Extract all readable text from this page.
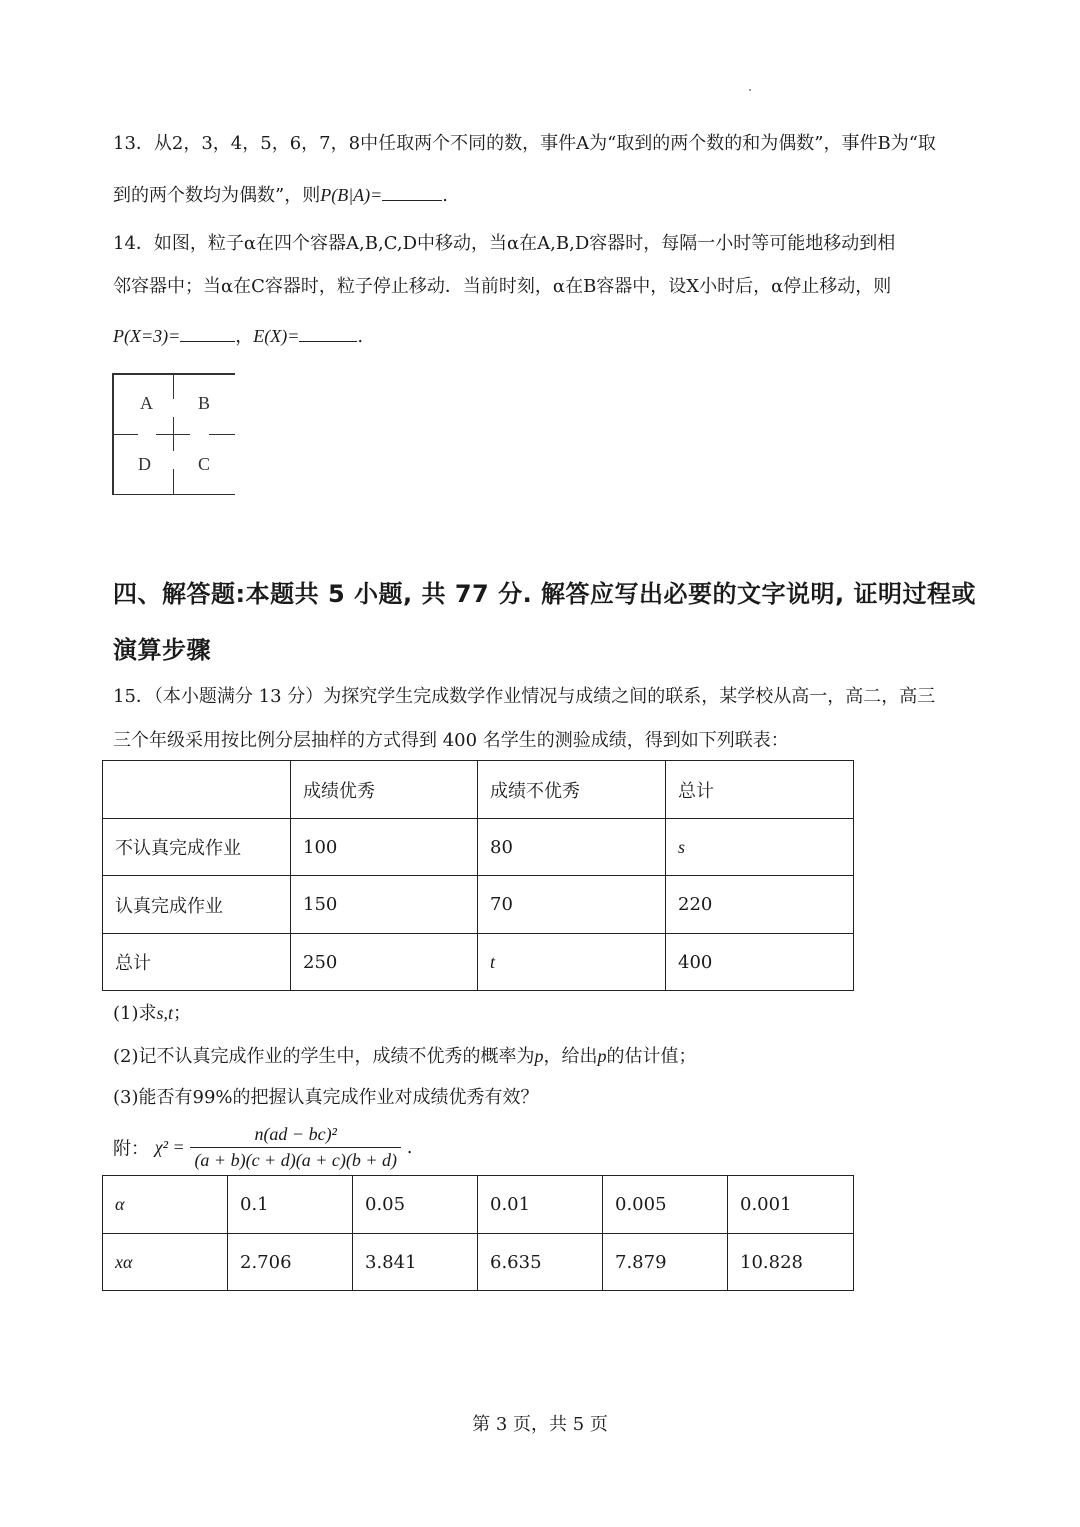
13．从2，3，4，5，6，7，8中任取两个不同的数，事件A为“取到的两个数的和为偶数”，事件B为“取
到的两个数均为偶数”，则P(B|A)=	.
14．如图，粒子α在四个容器A,B,C,D中移动，当α在A,B,D容器时，每隔一小时等可能地移动到相
邻容器中；当α在C容器时，粒子停止移动．当前时刻，α在B容器中，设X小时后，α停止移动，则
P(X=3)=	，E(X)=	.
A	B
D	C
四、解答题:本题共 5 小题, 共 77 分. 解答应写出必要的文字说明, 证明过程或
演算步骤
15．（本小题满分 13 分）为探究学生完成数学作业情况与成绩之间的联系，某学校从高一，高二，高三
三个年级采用按比例分层抽样的方式得到 400 名学生的测验成绩，得到如下列联表：
	成绩优秀	成绩不优秀	总计
不认真完成作业	100	80	s
认真完成作业	150	70	220
总计	250	t	400
(1)求s,t；
(2)记不认真完成作业的学生中，成绩不优秀的概率为p，给出p的估计值；
(3)能否有99%的把握认真完成作业对成绩优秀有效？
附： $\chi^2 = \frac{\text{n(ad − bc)²}}{(a + b)(c + d)(a + c)(b + d)}$ .
α	0.1	0.05	0.01	0.005	0.001
xα	2.706	3.841	6.635	7.879	10.828
第 3 页，共 5 页
